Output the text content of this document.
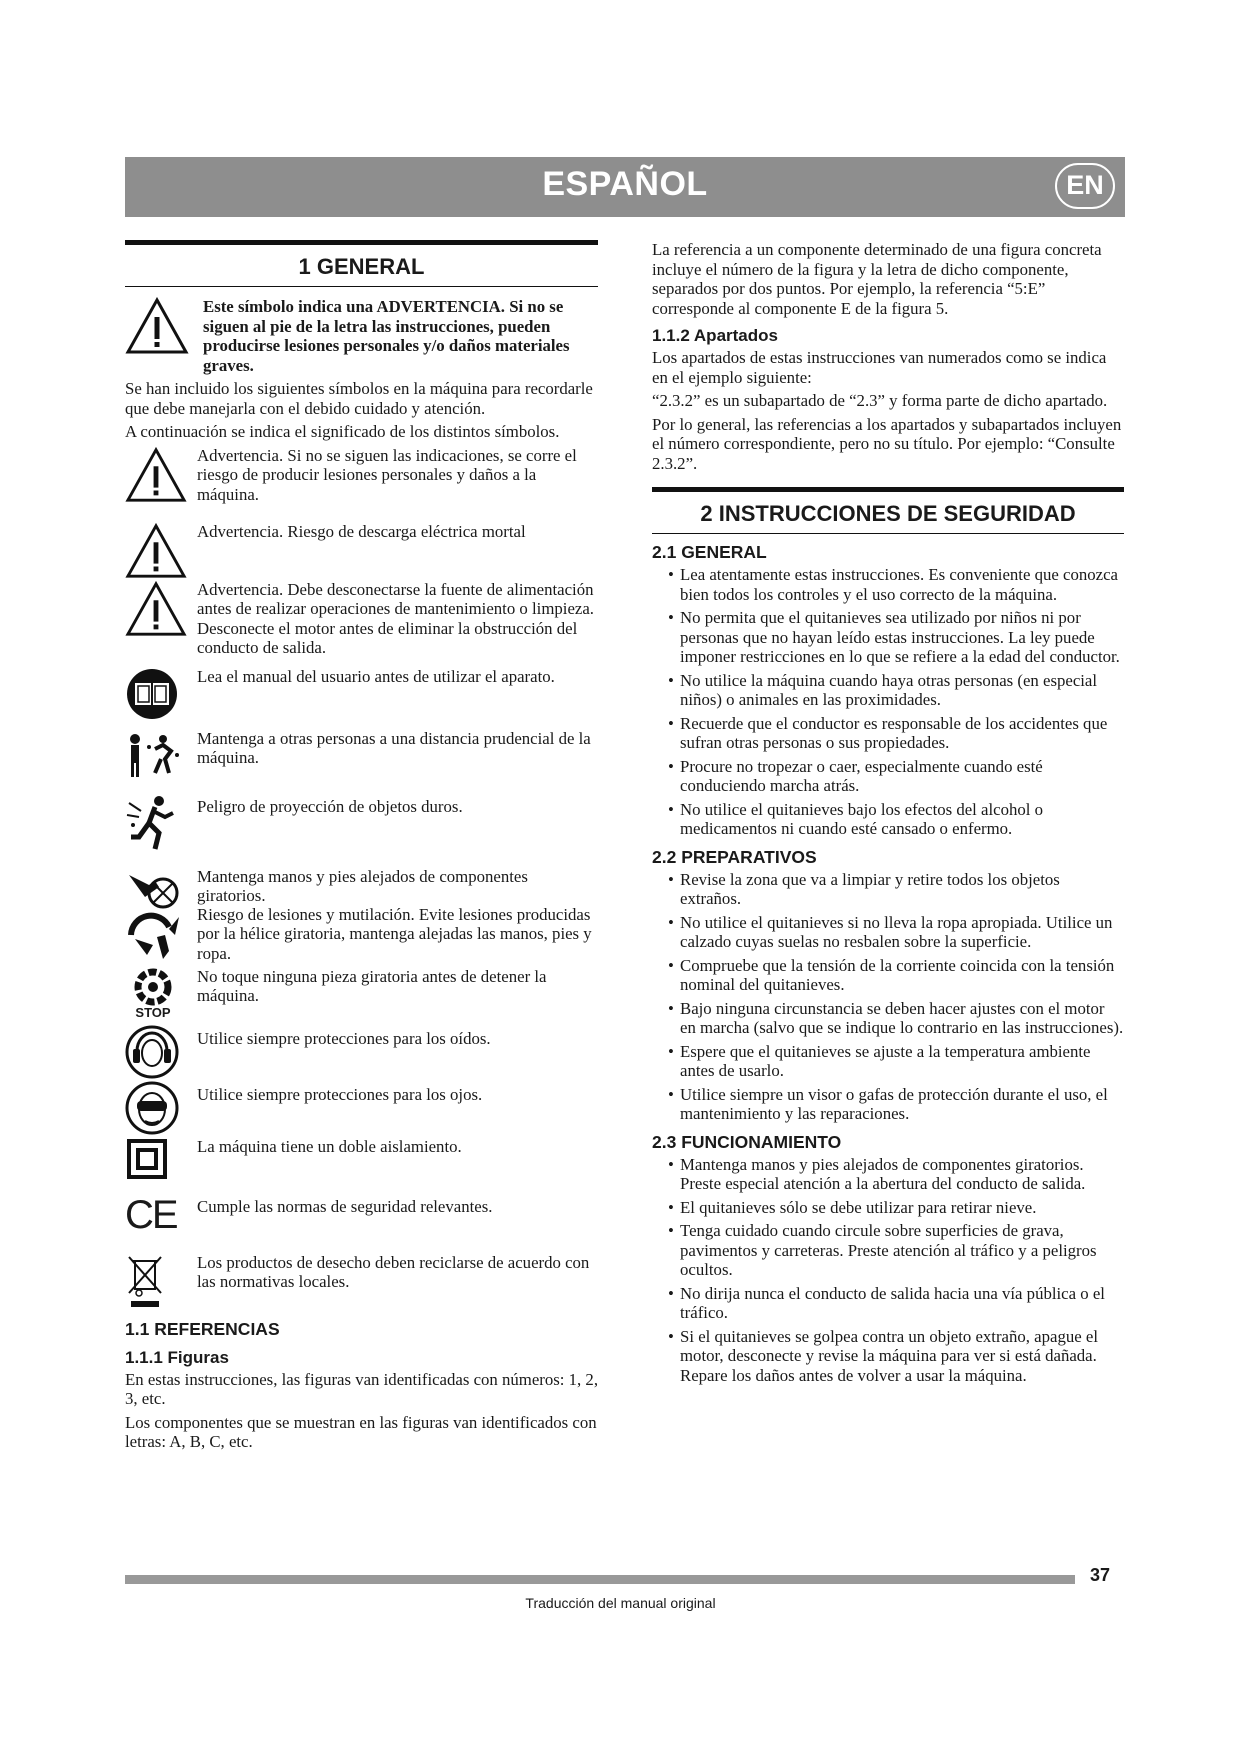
ESPAÑOL	EN
1 GENERAL
Este símbolo indica una ADVERTENCIA. Si no se siguen al pie de la letra las instrucciones, pueden producirse lesiones personales y/o daños materiales graves.

Se han incluido los siguientes símbolos en la máquina para recordarle que debe manejarla con el debido cuidado y atención.

A continuación se indica el significado de los distintos símbolos.

Advertencia. Si no se siguen las indicaciones, se corre el riesgo de producir lesiones personales y daños a la máquina.
Advertencia. Riesgo de descarga eléctrica mortal
Advertencia. Debe desconectarse la fuente de alimentación antes de realizar operaciones de mantenimiento o limpieza. Desconecte el motor antes de eliminar la obstrucción del conducto de salida.
Lea el manual del usuario antes de utilizar el aparato.
Mantenga a otras personas a una distancia prudencial de la máquina.
Peligro de proyección de objetos duros.
Mantenga manos y pies alejados de componentes giratorios.
Riesgo de lesiones y mutilación. Evite lesiones producidas por la hélice giratoria, mantenga alejadas las manos, pies y ropa.
STOP
No toque ninguna pieza giratoria antes de detener la máquina.
Utilice siempre protecciones para los oídos.
Utilice siempre protecciones para los ojos.
La máquina tiene un doble aislamiento.
CE Cumple las normas de seguridad relevantes.
Los productos de desecho deben reciclarse de acuerdo con las normativas locales.
1.1 REFERENCIAS
1.1.1 Figuras

En estas instrucciones, las figuras van identificadas con números: 1, 2, 3, etc.

Los componentes que se muestran en las figuras van identificados con letras: A, B, C, etc.

La referencia a un componente determinado de una figura concreta incluye el número de la figura y la letra de dicho componente, separados por dos puntos. Por ejemplo, la referencia “5:E” corresponde al componente E de la figura 5.

1.1.2 Apartados

Los apartados de estas instrucciones van numerados como se indica en el ejemplo siguiente:

“2.3.2” es un subapartado de “2.3” y forma parte de dicho apartado.

Por lo general, las referencias a los apartados y subapartados incluyen el número correspondiente, pero no su título. Por ejemplo: “Consulte 2.3.2”.

2 INSTRUCCIONES DE SEGURIDAD
2.1 GENERAL
• Lea atentamente estas instrucciones. Es conveniente que conozca bien todos los controles y el uso correcto de la máquina.
• No permita que el quitanieves sea utilizado por niños ni por personas que no hayan leído estas instrucciones. La ley puede imponer restricciones en lo que se refiere a la edad del conductor.
• No utilice la máquina cuando haya otras personas (en especial niños) o animales en las proximidades.
• Recuerde que el conductor es responsable de los accidentes que sufran otras personas o sus propiedades.
• Procure no tropezar o caer, especialmente cuando esté conduciendo marcha atrás.
• No utilice el quitanieves bajo los efectos del alcohol o medicamentos ni cuando esté cansado o enfermo.
2.2 PREPARATIVOS
• Revise la zona que va a limpiar y retire todos los objetos extraños.
• No utilice el quitanieves si no lleva la ropa apropiada. Utilice un calzado cuyas suelas no resbalen sobre la superficie.
• Compruebe que la tensión de la corriente coincida con la tensión nominal del quitanieves.
• Bajo ninguna circunstancia se deben hacer ajustes con el motor en marcha (salvo que se indique lo contrario en las instrucciones).
• Espere que el quitanieves se ajuste a la temperatura ambiente antes de usarlo.
• Utilice siempre un visor o gafas de protección durante el uso, el mantenimiento y las reparaciones.
2.3 FUNCIONAMIENTO
• Mantenga manos y pies alejados de componentes giratorios. Preste especial atención a la abertura del conducto de salida.
• El quitanieves sólo se debe utilizar para retirar nieve.
• Tenga cuidado cuando circule sobre superficies de grava, pavimentos y carreteras. Preste atención al tráfico y a peligros ocultos.
• No dirija nunca el conducto de salida hacia una vía pública o el tráfico.
• Si el quitanieves se golpea contra un objeto extraño, apague el motor, desconecte y revise la máquina para ver si está dañada. Repare los daños antes de volver a usar la máquina.
37
Traducción del manual original
